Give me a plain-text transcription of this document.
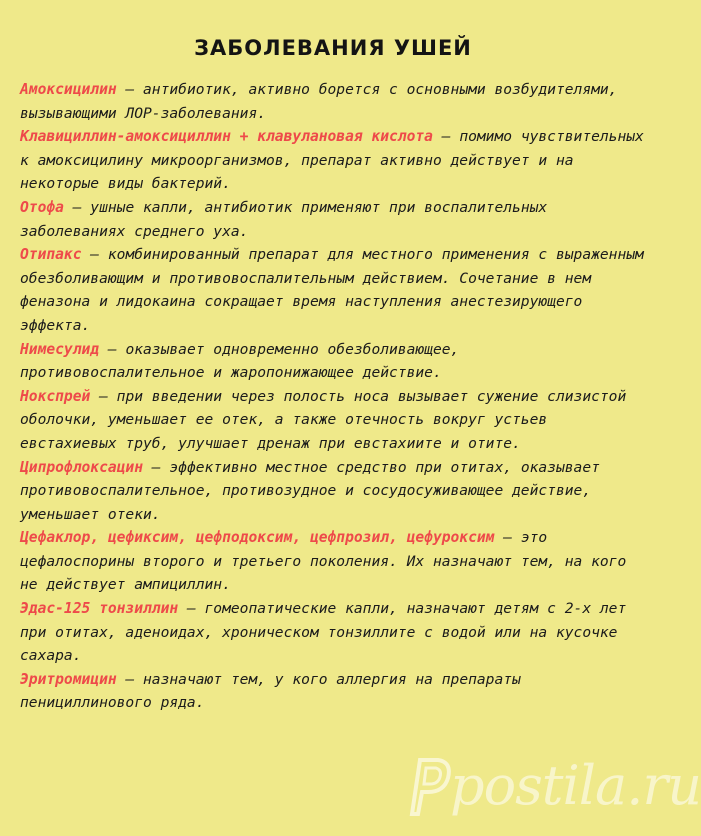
ЗАБОЛЕВАНИЯ УШЕЙ

Амоксицилин – антибиотик, активно борется с основными возбудителями, вызывающими ЛОР-заболевания.

Клавициллин-амоксициллин + клавулановая кислота – помимо чувствительных к амоксицилину микроорганизмов, препарат активно действует и на некоторые виды бактерий.

Отофа – ушные капли, антибиотик применяют при воспалительных заболеваниях среднего уха.

Отипакс – комбинированный препарат для местного применения с выраженным обезболивающим и противовоспалительным действием. Сочетание в нем феназона и лидокаина сокращает время наступления анестезирующего эффекта.

Нимесулид – оказывает одновременно обезболивающее, противовоспалительное и жаропонижающее действие.

Нокспрей – при введении через полость носа вызывает сужение слизистой оболочки, уменьшает ее отек, а также отечность вокруг устьев евстахиевых труб, улучшает дренаж при евстахиите и отите.

Ципрофлоксацин – эффективно местное средство при отитах, оказывает противовоспалительное, противозудное и сосудосуживающее действие, уменьшает отеки.

Цефаклор, цефиксим, цефподоксим, цефпрозил, цефуроксим – это цефалоспорины второго и третьего поколения. Их назначают тем, на кого не действует ампициллин.

Эдас-125 тонзиллин – гомеопатические капли, назначают детям с 2-х лет при отитах, аденоидах, хроническом тонзиллите с водой или на кусочке сахара.

Эритромицин – назначают тем, у кого аллергия на препараты пенициллинового ряда.

postila.ru
